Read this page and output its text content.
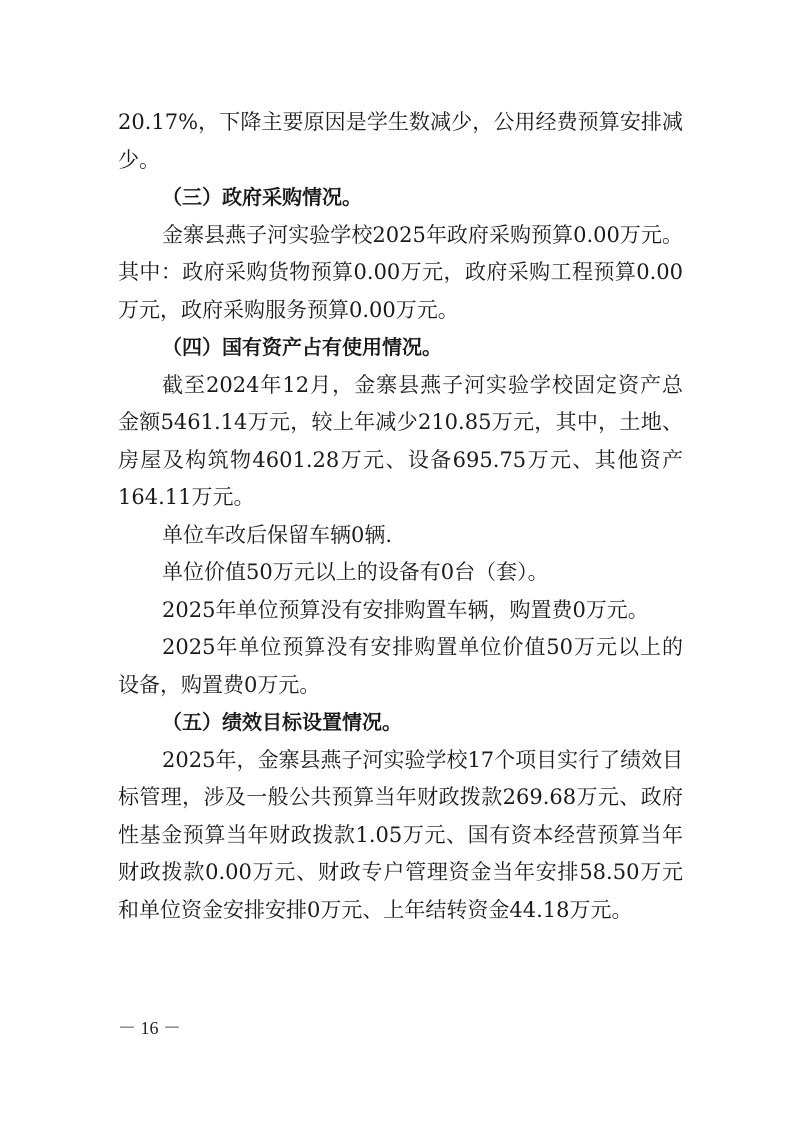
20.17%，下降主要原因是学生数减少，公用经费预算安排减
少。
（三）政府采购情况。
金寨县燕子河实验学校2025年政府采购预算0.00万元。
其中：政府采购货物预算0.00万元，政府采购工程预算0.00
万元，政府采购服务预算0.00万元。
（四）国有资产占有使用情况。
截至2024年12月，金寨县燕子河实验学校固定资产总
金额5461.14万元，较上年减少210.85万元，其中，土地、
房屋及构筑物4601.28万元、设备695.75万元、其他资产
164.11万元。
单位车改后保留车辆0辆.
单位价值50万元以上的设备有0台（套）。
2025年单位预算没有安排购置车辆，购置费0万元。
2025年单位预算没有安排购置单位价值50万元以上的
设备，购置费0万元。
（五）绩效目标设置情况。
2025年，金寨县燕子河实验学校17个项目实行了绩效目
标管理，涉及一般公共预算当年财政拨款269.68万元、政府
性基金预算当年财政拨款1.05万元、国有资本经营预算当年
财政拨款0.00万元、财政专户管理资金当年安排58.50万元
和单位资金安排安排0万元、上年结转资金44.18万元。
－ 16 －
